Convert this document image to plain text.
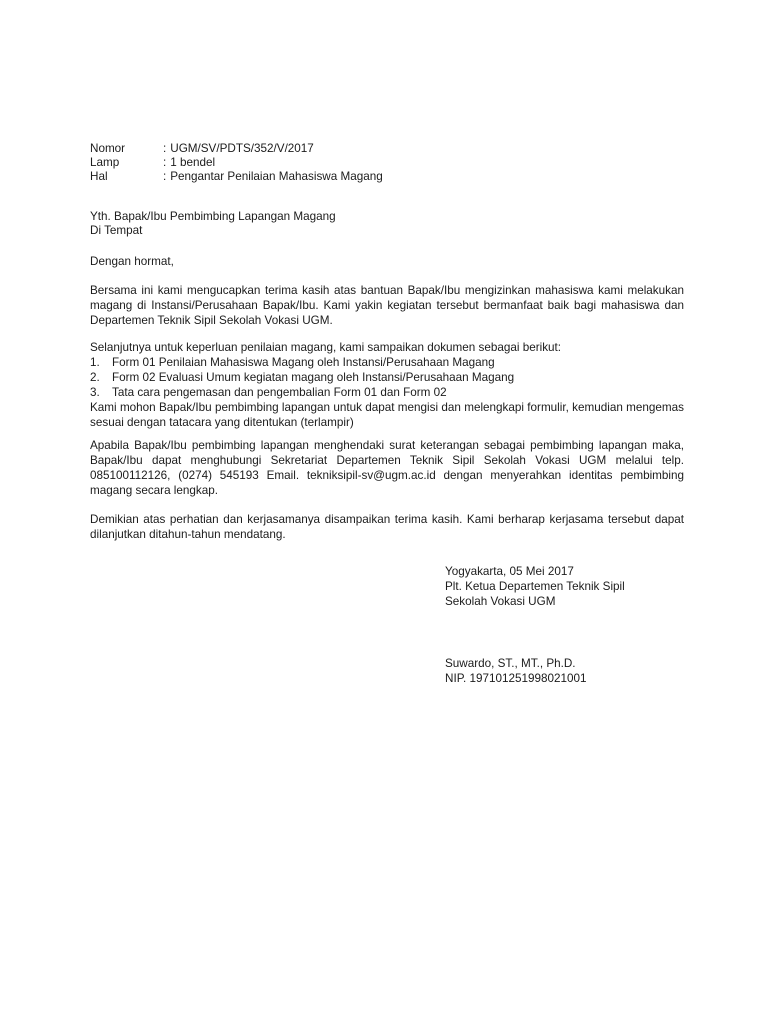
Nomor	: UGM/SV/PDTS/352/V/2017
Lamp	: 1 bendel
Hal	: Pengantar Penilaian Mahasiswa Magang
Yth. Bapak/Ibu Pembimbing Lapangan Magang
Di Tempat
Dengan hormat,
Bersama ini kami mengucapkan terima kasih atas bantuan Bapak/Ibu mengizinkan mahasiswa kami melakukan magang di Instansi/Perusahaan Bapak/Ibu. Kami yakin kegiatan tersebut bermanfaat baik bagi mahasiswa dan Departemen Teknik Sipil Sekolah Vokasi UGM.
Selanjutnya untuk keperluan penilaian magang, kami sampaikan dokumen sebagai berikut:
1.	Form 01 Penilaian Mahasiswa Magang oleh Instansi/Perusahaan Magang
2.	Form 02 Evaluasi Umum kegiatan magang oleh Instansi/Perusahaan Magang
3.	Tata cara pengemasan dan pengembalian Form 01 dan Form 02
Kami mohon Bapak/Ibu pembimbing lapangan untuk dapat mengisi dan melengkapi formulir, kemudian mengemas sesuai dengan tatacara yang ditentukan (terlampir)
Apabila Bapak/Ibu pembimbing lapangan menghendaki surat keterangan sebagai pembimbing lapangan maka, Bapak/Ibu dapat menghubungi Sekretariat Departemen Teknik Sipil Sekolah Vokasi UGM melalui telp. 085100112126, (0274) 545193 Email. tekniksipil-sv@ugm.ac.id dengan menyerahkan identitas pembimbing magang secara lengkap.
Demikian atas perhatian dan kerjasamanya disampaikan terima kasih. Kami berharap kerjasama tersebut dapat dilanjutkan ditahun-tahun mendatang.
Yogyakarta, 05 Mei 2017
Plt. Ketua Departemen Teknik Sipil
Sekolah Vokasi UGM
Suwardo, ST., MT., Ph.D.
NIP. 197101251998021001
